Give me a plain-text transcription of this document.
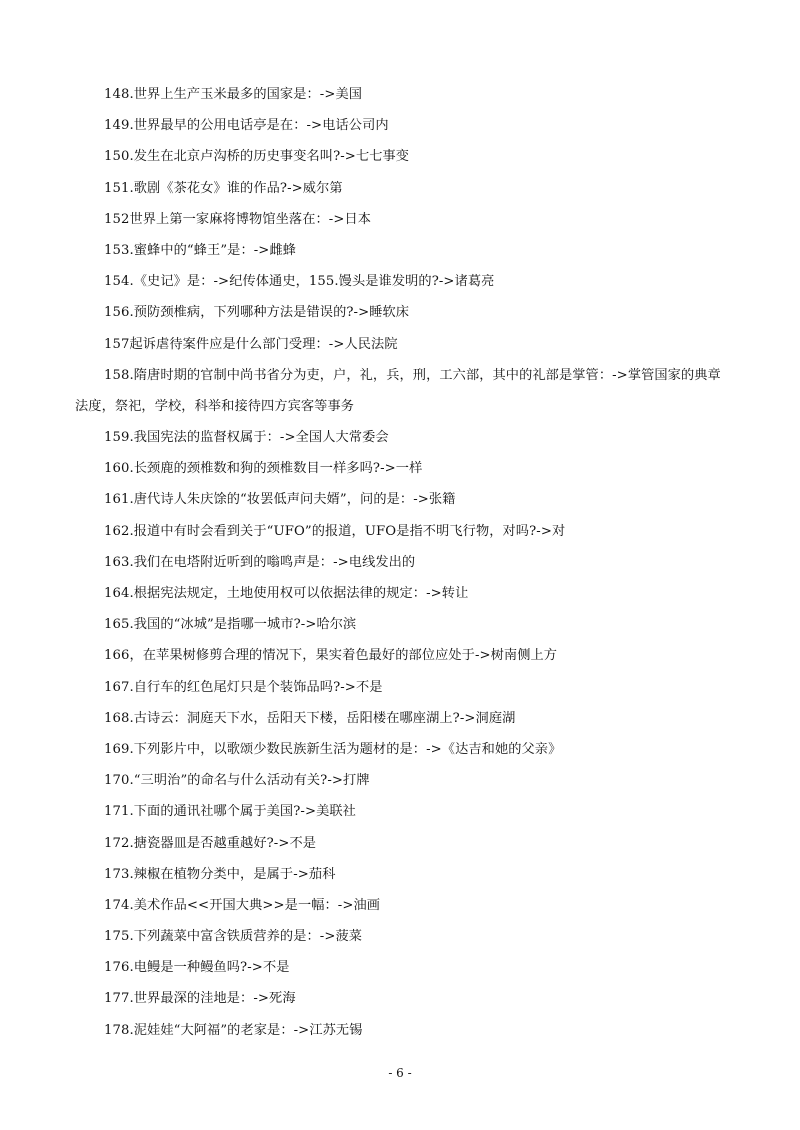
148.世界上生产玉米最多的国家是：->美国
149.世界最早的公用电话亭是在：->电话公司内
150.发生在北京卢沟桥的历史事变名叫?->七七事变
151.歌剧《茶花女》谁的作品?->威尔第
152世界上第一家麻将博物馆坐落在：->日本
153.蜜蜂中的“蜂王”是：->雌蜂
154.《史记》是：->纪传体通史，155.馒头是谁发明的?->诸葛亮
156.预防颈椎病，下列哪种方法是错误的?->睡软床
157起诉虐待案件应是什么部门受理：->人民法院
158.隋唐时期的官制中尚书省分为吏，户，礼，兵，刑，工六部，其中的礼部是掌管：->掌管国家的典章
法度，祭祀，学校，科举和接待四方宾客等事务
159.我国宪法的监督权属于：->全国人大常委会
160.长颈鹿的颈椎数和狗的颈椎数目一样多吗?->一样
161.唐代诗人朱庆馀的“妆罢低声问夫婿”，问的是：->张籍
162.报道中有时会看到关于“UFO”的报道，UFO是指不明飞行物，对吗?->对
163.我们在电塔附近听到的嗡鸣声是：->电线发出的
164.根据宪法规定，土地使用权可以依据法律的规定：->转让
165.我国的“冰城”是指哪一城市?->哈尔滨
166，在苹果树修剪合理的情况下，果实着色最好的部位应处于->树南侧上方
167.自行车的红色尾灯只是个装饰品吗?->不是
168.古诗云：洞庭天下水，岳阳天下楼，岳阳楼在哪座湖上?->洞庭湖
169.下列影片中，以歌颂少数民族新生活为题材的是：->《达吉和她的父亲》
170.“三明治”的命名与什么活动有关?->打牌
171.下面的通讯社哪个属于美国?->美联社
172.搪瓷器皿是否越重越好?->不是
173.辣椒在植物分类中，是属于->茄科
174.美术作品<<开国大典>>是一幅：->油画
175.下列蔬菜中富含铁质营养的是：->菠菜
176.电鳗是一种鳗鱼吗?->不是
177.世界最深的洼地是：->死海
178.泥娃娃“大阿福”的老家是：->江苏无锡
- 6 -
